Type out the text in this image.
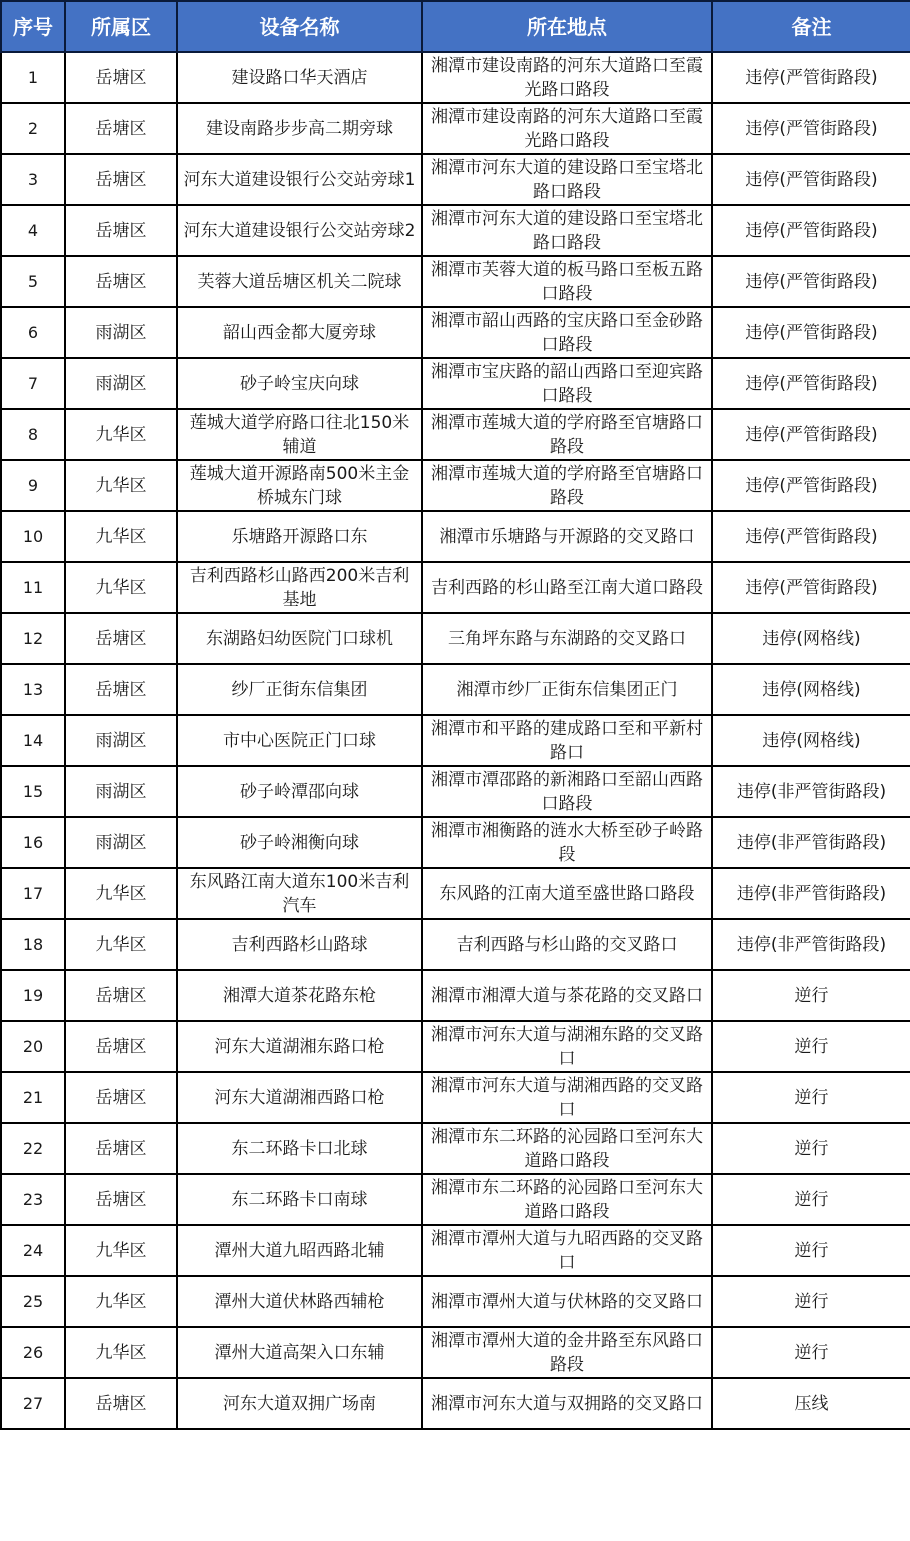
序号	所属区	设备名称	所在地点	备注
1	岳塘区	建设路口华天酒店	湘潭市建设南路的河东大道路口至霞光路口路段	违停(严管街路段)
2	岳塘区	建设南路步步高二期旁球	湘潭市建设南路的河东大道路口至霞光路口路段	违停(严管街路段)
3	岳塘区	河东大道建设银行公交站旁球1	湘潭市河东大道的建设路口至宝塔北路口路段	违停(严管街路段)
4	岳塘区	河东大道建设银行公交站旁球2	湘潭市河东大道的建设路口至宝塔北路口路段	违停(严管街路段)
5	岳塘区	芙蓉大道岳塘区机关二院球	湘潭市芙蓉大道的板马路口至板五路口路段	违停(严管街路段)
6	雨湖区	韶山西金都大厦旁球	湘潭市韶山西路的宝庆路口至金砂路口路段	违停(严管街路段)
7	雨湖区	砂子岭宝庆向球	湘潭市宝庆路的韶山西路口至迎宾路口路段	违停(严管街路段)
8	九华区	莲城大道学府路口往北150米辅道	湘潭市莲城大道的学府路至官塘路口路段	违停(严管街路段)
9	九华区	莲城大道开源路南500米主金桥城东门球	湘潭市莲城大道的学府路至官塘路口路段	违停(严管街路段)
10	九华区	乐塘路开源路口东	湘潭市乐塘路与开源路的交叉路口	违停(严管街路段)
11	九华区	吉利西路杉山路西200米吉利基地	吉利西路的杉山路至江南大道口路段	违停(严管街路段)
12	岳塘区	东湖路妇幼医院门口球机	三角坪东路与东湖路的交叉路口	违停(网格线)
13	岳塘区	纱厂正街东信集团	湘潭市纱厂正街东信集团正门	违停(网格线)
14	雨湖区	市中心医院正门口球	湘潭市和平路的建成路口至和平新村路口	违停(网格线)
15	雨湖区	砂子岭潭邵向球	湘潭市潭邵路的新湘路口至韶山西路口路段	违停(非严管街路段)
16	雨湖区	砂子岭湘衡向球	湘潭市湘衡路的涟水大桥至砂子岭路段	违停(非严管街路段)
17	九华区	东风路江南大道东100米吉利汽车	东风路的江南大道至盛世路口路段	违停(非严管街路段)
18	九华区	吉利西路杉山路球	吉利西路与杉山路的交叉路口	违停(非严管街路段)
19	岳塘区	湘潭大道茶花路东枪	湘潭市湘潭大道与茶花路的交叉路口	逆行
20	岳塘区	河东大道湖湘东路口枪	湘潭市河东大道与湖湘东路的交叉路口	逆行
21	岳塘区	河东大道湖湘西路口枪	湘潭市河东大道与湖湘西路的交叉路口	逆行
22	岳塘区	东二环路卡口北球	湘潭市东二环路的沁园路口至河东大道路口路段	逆行
23	岳塘区	东二环路卡口南球	湘潭市东二环路的沁园路口至河东大道路口路段	逆行
24	九华区	潭州大道九昭西路北辅	湘潭市潭州大道与九昭西路的交叉路口	逆行
25	九华区	潭州大道伏林路西辅枪	湘潭市潭州大道与伏林路的交叉路口	逆行
26	九华区	潭州大道高架入口东辅	湘潭市潭州大道的金井路至东风路口路段	逆行
27	岳塘区	河东大道双拥广场南	湘潭市河东大道与双拥路的交叉路口	压线
